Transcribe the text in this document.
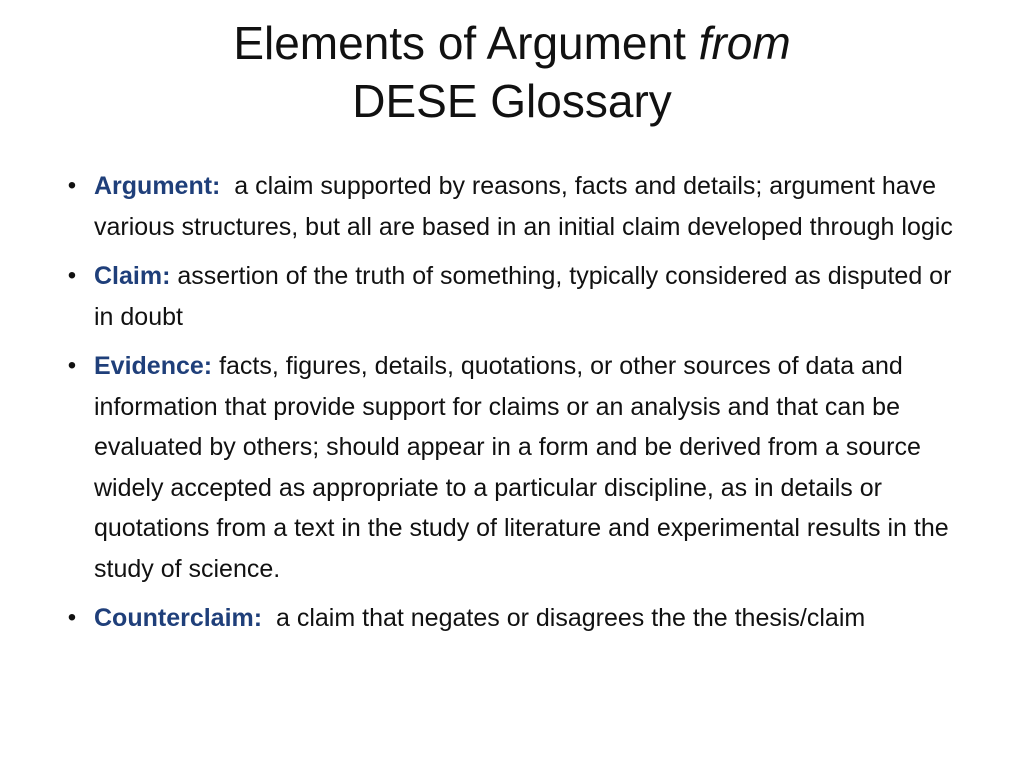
Elements of Argument from
DESE Glossary
• Argument: a claim supported by reasons, facts and details; argument have various structures, but all are based in an initial claim developed through logic
• Claim: assertion of the truth of something, typically considered as disputed or in doubt
• Evidence: facts, figures, details, quotations, or other sources of data and information that provide support for claims or an analysis and that can be evaluated by others; should appear in a form and be derived from a source widely accepted as appropriate to a particular discipline, as in details or quotations from a text in the study of literature and experimental results in the study of science.
• Counterclaim: a claim that negates or disagrees the the thesis/claim
